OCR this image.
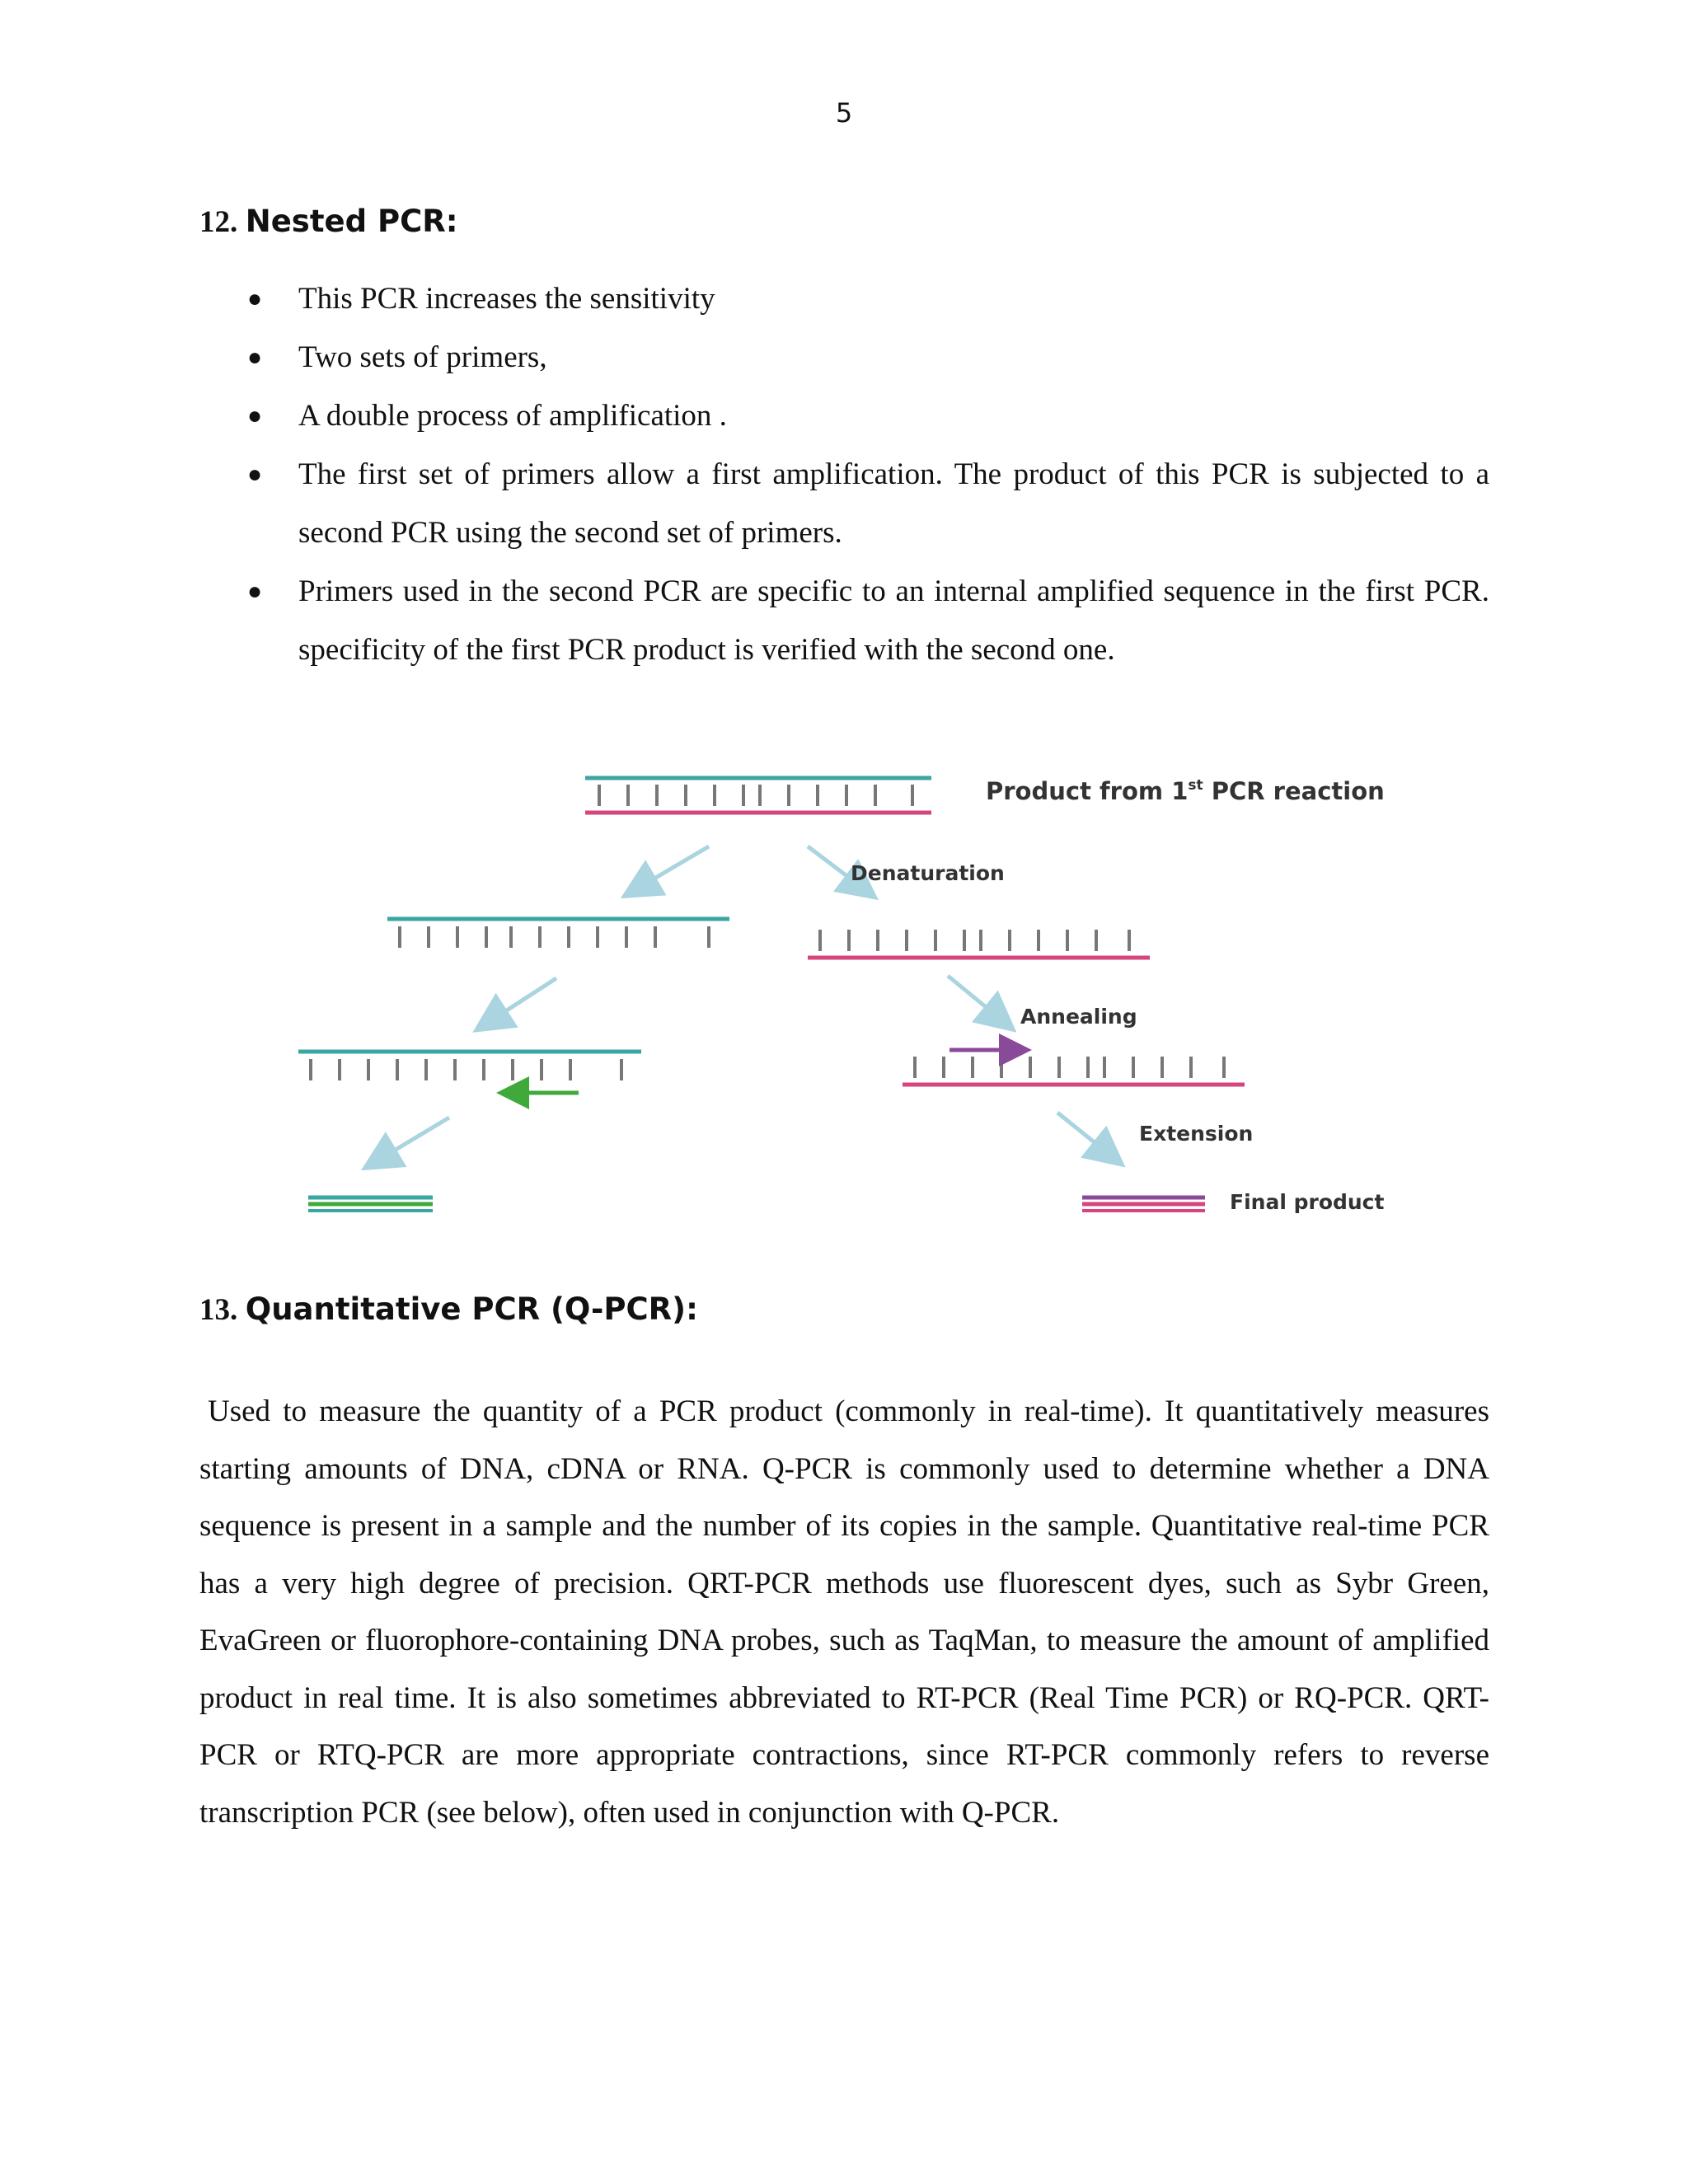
5
12. Nested PCR:
● This PCR increases the sensitivity
● Two sets of primers,
● A double process of amplification .
● The first set of primers allow a first amplification. The product of this PCR is subjected to a second PCR using the second set of primers.
● Primers used in the second PCR are specific to an internal amplified sequence in the first PCR. specificity of the first PCR product is verified with the second one.
Product from 1st PCR reaction
Denaturation
Annealing
Extension
Final product
13. Quantitative PCR (Q-PCR):

Used to measure the quantity of a PCR product (commonly in real-time). It quantitatively measures starting amounts of DNA, cDNA or RNA. Q-PCR is commonly used to determine whether a DNA sequence is present in a sample and the number of its copies in the sample. Quantitative real-time PCR has a very high degree of precision. QRT-PCR methods use fluorescent dyes, such as Sybr Green, EvaGreen or fluorophore-containing DNA probes, such as TaqMan, to measure the amount of amplified product in real time. It is also sometimes abbreviated to RT-PCR (Real Time PCR) or RQ-PCR. QRT-PCR or RTQ-PCR are more appropriate contractions, since RT-PCR commonly refers to reverse transcription PCR (see below), often used in conjunction with Q-PCR.
